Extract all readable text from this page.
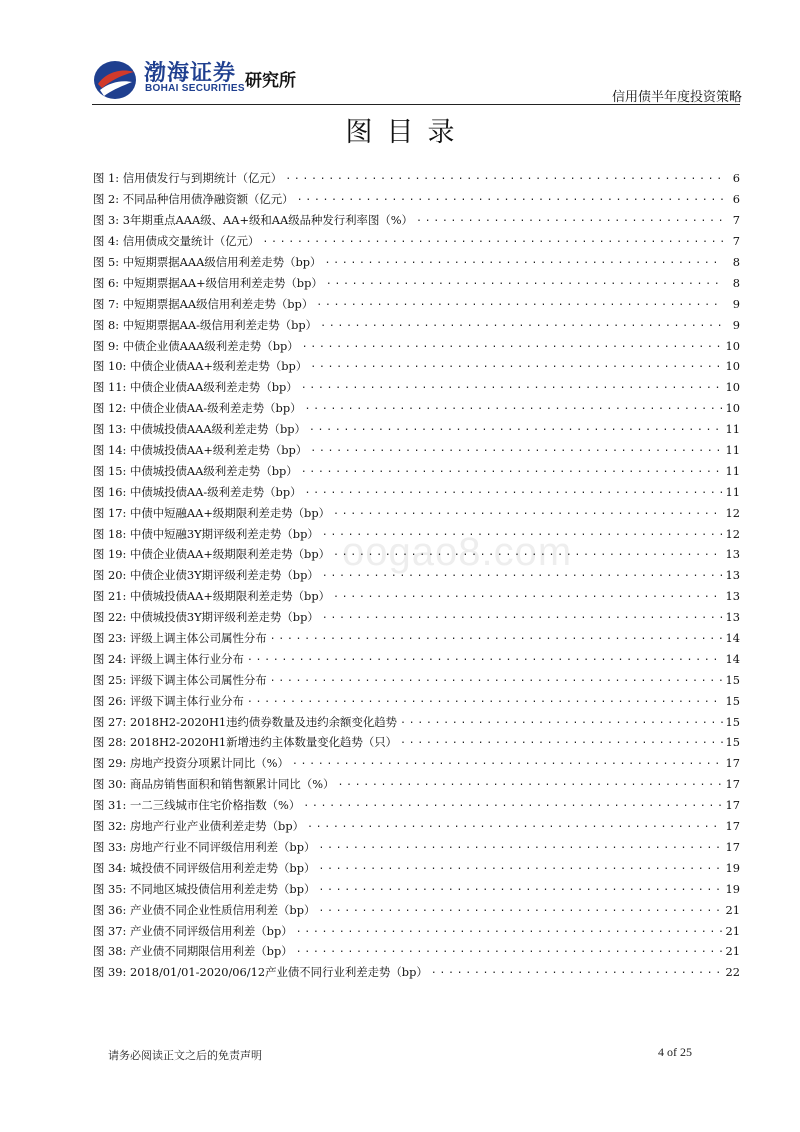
渤海证券
BOHAI SECURITIES 研究所
信用债半年度投资策略
图目录
oogao8.com
图 1: 信用债发行与到期统计（亿元） .....	6
图 2: 不同品种信用债净融资额（亿元） .....	6
图 3: 3年期重点AAA级、AA+级和AA级品种发行利率图（%） .....	7
图 4: 信用债成交量统计（亿元） .....	7
图 5: 中短期票据AAA级信用利差走势（bp） .....	8
图 6: 中短期票据AA+级信用利差走势（bp） .....	8
图 7: 中短期票据AA级信用利差走势（bp） .....	9
图 8: 中短期票据AA-级信用利差走势（bp） .....	9
图 9: 中债企业债AAA级利差走势（bp） .....	10
图 10: 中债企业债AA+级利差走势（bp） .....	10
图 11: 中债企业债AA级利差走势（bp） .....	10
图 12: 中债企业债AA-级利差走势（bp） .....	10
图 13: 中债城投债AAA级利差走势（bp） .....	11
图 14: 中债城投债AA+级利差走势（bp） .....	11
图 15: 中债城投债AA级利差走势（bp） .....	11
图 16: 中债城投债AA-级利差走势（bp） .....	11
图 17: 中债中短融AA+级期限利差走势（bp） .....	12
图 18: 中债中短融3Y期评级利差走势（bp） .....	12
图 19: 中债企业债AA+级期限利差走势（bp） .....	13
图 20: 中债企业债3Y期评级利差走势（bp） .....	13
图 21: 中债城投债AA+级期限利差走势（bp） .....	13
图 22: 中债城投债3Y期评级利差走势（bp） .....	13
图 23: 评级上调主体公司属性分布 .....	14
图 24: 评级上调主体行业分布 .....	14
图 25: 评级下调主体公司属性分布 .....	15
图 26: 评级下调主体行业分布 .....	15
图 27: 2018H2-2020H1违约债券数量及违约余额变化趋势 .....	15
图 28: 2018H2-2020H1新增违约主体数量变化趋势（只） .....	15
图 29: 房地产投资分项累计同比（%） .....	17
图 30: 商品房销售面积和销售额累计同比（%） .....	17
图 31: 一二三线城市住宅价格指数（%） .....	17
图 32: 房地产行业产业债利差走势（bp） .....	17
图 33: 房地产行业不同评级信用利差（bp） .....	17
图 34: 城投债不同评级信用利差走势（bp） .....	19
图 35: 不同地区城投债信用利差走势（bp） .....	19
图 36: 产业债不同企业性质信用利差（bp） .....	21
图 37: 产业债不同评级信用利差（bp） .....	21
图 38: 产业债不同期限信用利差（bp） .....	21
图 39: 2018/01/01-2020/06/12产业债不同行业利差走势（bp） .....	22
请务必阅读正文之后的免责声明	4 of 25
